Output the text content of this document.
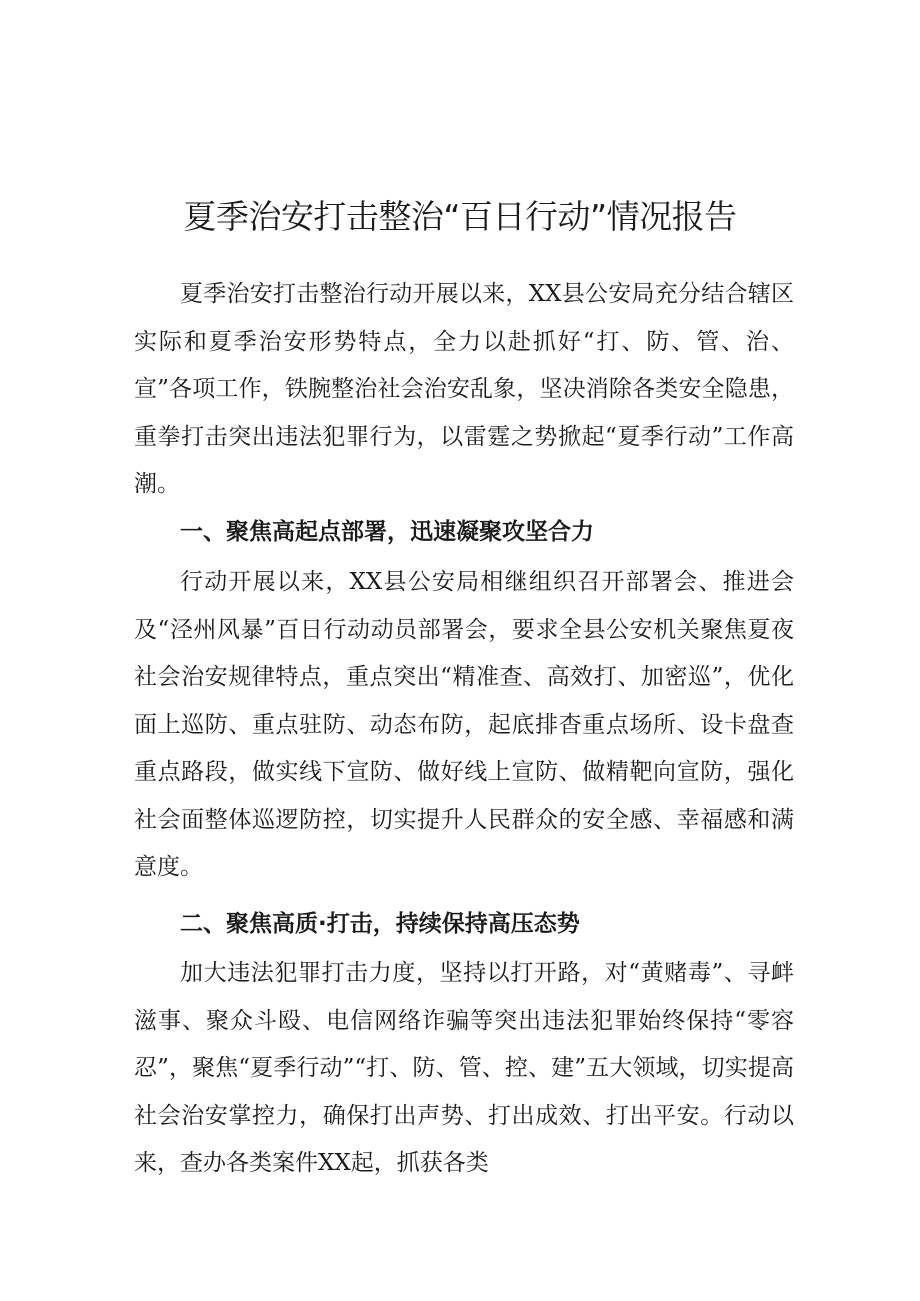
夏季治安打击整治“百日行动”情况报告

夏季治安打击整治行动开展以来，XX县公安局充分结合辖区实际和夏季治安形势特点，全力以赴抓好“打、防、管、治、宣”各项工作，铁腕整治社会治安乱象，坚决消除各类安全隐患，重拳打击突出违法犯罪行为，以雷霆之势掀起“夏季行动”工作高潮。

一、聚焦高起点部署，迅速凝聚攻坚合力

行动开展以来，XX县公安局相继组织召开部署会、推进会及“泾州风暴”百日行动动员部署会，要求全县公安机关聚焦夏夜社会治安规律特点，重点突出“精准查、高效打、加密巡”，优化面上巡防、重点驻防、动态布防，起底排杳重点场所、设卡盘查重点路段，做实线下宣防、做好线上宣防、做精靶向宣防，强化社会面整体巡逻防控，切实提升人民群众的安全感、幸福感和满意度。

二、聚焦高质·打击，持续保持高压态势

加大违法犯罪打击力度，坚持以打开路，对“黄赌毒”、寻衅滋事、聚众斗殴、电信网络诈骗等突出违法犯罪始终保持“零容忍”，聚焦“夏季行动”“打、防、管、控、建”五大领域，切实提高社会治安掌控力，确保打出声势、打出成效、打出平安。行动以来，查办各类案件XX起，抓获各类
